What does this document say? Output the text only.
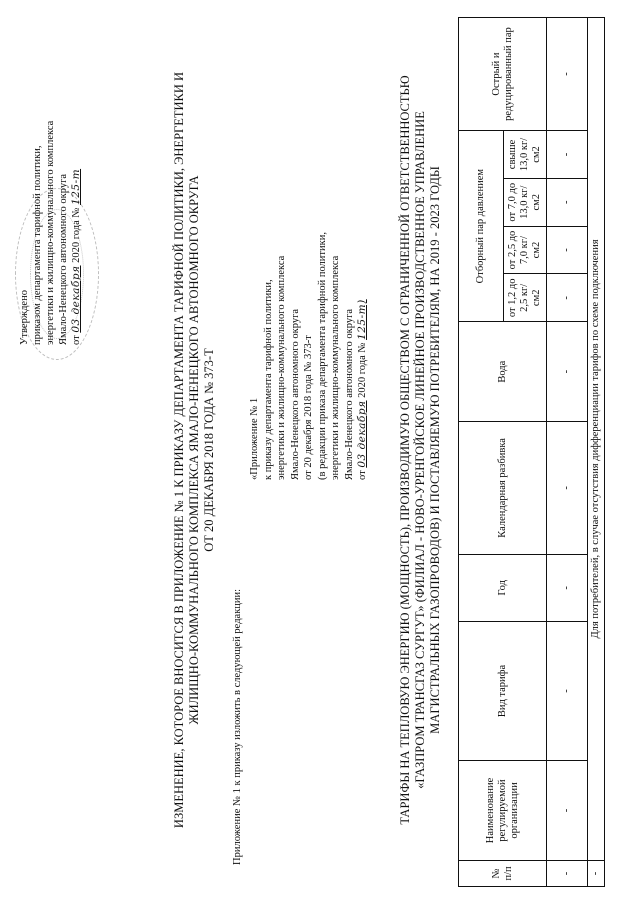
Утверждено приказом департамента тарифной политики, энергетики и жилищно-коммунального комплекса Ямало-Ненецкого автономного округа от 03 декабря 2020 года № 125-т	ИЗМЕНЕНИЕ, КОТОРОЕ ВНОСИТСЯ В ПРИЛОЖЕНИЕ № 1 К ПРИКАЗУ ДЕПАРТАМЕНТА ТАРИФНОЙ ПОЛИТИКИ, ЭНЕРГЕТИКИ И ЖИЛИЩНО-КОММУНАЛЬНОГО КОМПЛЕКСА ЯМАЛО-НЕНЕЦКОГО АВТОНОМНОГО ОКРУГА ОТ 20 ДЕКАБРЯ 2018 ГОДА № 373-Т
Приложение № 1 к приказу изложить в следующей редакции:
«Приложение № 1 к приказу департамента тарифной политики, энергетики и жилищно-коммунального комплекса Ямало-Ненецкого автономного округа от 20 декабря 2018 года № 373-т (в редакции приказа департамента тарифной политики, энергетики и жилищно-коммунального комплекса Ямало-Ненецкого автономного округа от 03 декабря 2020 года № 125-т) ТАРИФЫ НА ТЕПЛОВУЮ ЭНЕРГИЮ (МОЩНОСТЬ), ПРОИЗВОДИМУЮ ОБЩЕСТВОМ С ОГРАНИЧЕННОЙ ОТВЕТСТВЕННОСТЬЮ «ГАЗПРОМ ТРАНСГАЗ СУРГУТ» (ФИЛИАЛ - НОВО-УРЕНГОЙСКОЕ ЛИНЕЙНОЕ ПРОИЗВОДСТВЕННОЕ УПРАВЛЕНИЕ МАГИСТРАЛЬНЫХ ГАЗОПРОВОДОВ) И ПОСТАВЛЯЕМУЮ ПОТРЕБИТЕЛЯМ, НА 2019 - 2023 ГОДЫ
№ п/п	Наименование регулируемой организации	Вид тарифа	Год	Календарная разбивка	Вода	Отборный пар давлением				Острый и редуцированный пар
						от 1,2 до 2,5 кг/см2	от 2,5 до 7,0 кг/см2	от 7,0 до 13,0 кг/см2	свыше 13,0 кг/см2	
-	-	-	-	-	-	-	-	-	-	-
-	Для потребителей, в случае отсутствия дифференциации тарифов по схеме подключения									
